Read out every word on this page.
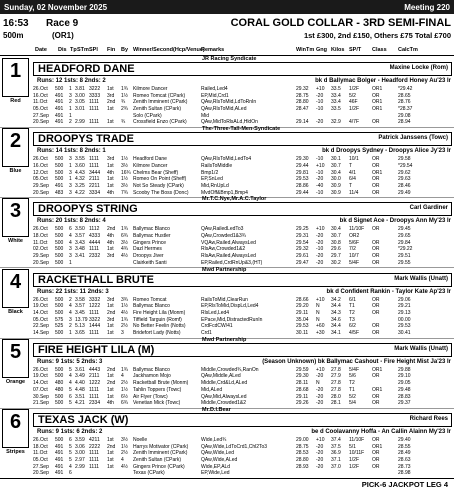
Sunday, 02 November 2025	Meeting 220
16:53 Race 9
500m	(OR1)
CORAL GOLD COLLAR - 3RD SEMI-FINAL
1st £300, 2nd £150, Others £75 Total £700
Date Dis Tp STm SPl Fin By Winner/Second(Hcp/Venue)
Remarks	WinTm Gng Kilos SP/T Class CalcTm
1
Red
JR Racing Syndicate
HEADFORD DANE	Maxine Locke (Rom)
Runs: 12 1sts: 8 2nds: 2	bk d Ballymac Bolger - Headford Honey Au'23 Ir
26.Oct 500 1 3.81 3222 1st 1¾ Kilmore Dancer	Railed,Led4	29.32 +10 33.5 1/2F	OR1	*29.42
16.Oct 491 3 3.00 3333 3rd 1½ Romeo Tomcat (CPark)	EP,Mid,Crd1	28.75 -20 33.4 5/2	OR	28.65
11.Oct 491 2 3.05 1111 2nd ¾ Zenith Imminent (CPark)	QAw,RlsToMid,LdToRnIn	28.80 -10 33.4 46F	OR1	28.76
05.Oct 491 1 3.01 1111 1st 2¾ Zenith Sultan (CPark)	QAw,RlsToMid,ALed	28.47 -10 33.5 1/2F	OR1	*28.37
27.Sep 491 1	Solo (CPark)	Mid	29.08
20.Sep 491 2 2.99 1111 1st ¾ Crossfield Enzo (CPark)	QAw,MidToRlsALd,HldOn	29.14 -20 32.9 4/7F	OR	28.94
2
Blue
The-Three-Tall-Men-Syndicate
DROOPYS TRADE	Patrick Janssens (Towc)
Runs: 14 1sts: 8 2nds: 1	bk d Droopys Sydney - Droopys Alice Jy'23 Ir
26.Oct 500 3 3.55 1111 3rd 1½ Headford Dane	QAw,RlsToMid,LedTo4	29.30 -10 30.1 10/1	OR	29.58
16.Oct 500 1 3.60 1111 1st 3½ Kilmore Dancer	RailsToMiddle	29.44 +10 30.7 T	OR	*29.54
12.Oct 500 3 4.43 3444 4th 16¾ Chelms Bear (Sheff)	Bmp1/2	29.81 -10 30.4 4/1	OR1	29.62
05.Oct 500 1 4.32 2111 1st 1½ Romeo On Point (Sheff)	EP,SnLed	29.53 -20 30.0 6/4	OR	29.63
29.Sep 491 3 3.25 2211 1st 3½ Not So Steady (CPark)	Mid,RnUpLd	28.86 -40 30.9 T	OR	28.46
20.Sep 483 3 4.22 3334 4th 7¾ Scooby The Boss (Donc)	MvdOff&Bmp1,Bmp4	29.44 -10 30.9 11/4	OR	29.49
3
White
Mr.T.C.Nye,Mr.A.C.Taylor
DROOPYS STRING	Carl Gardiner
Runs: 20 1sts: 8 2nds: 4	bk d Signet Ace - Droopys Ann My'23 Ir
26.Oct 500 6 3.50 1112 2nd 1¾ Ballymac Blanco	QAw,RailedLedTo3	29.25 +10 30.4 11/10F OR	29.45
18.Oct 500 4 3.57 4333 4th 6¾ Ballymac Hustler	QAw,Crowded1&3¾	29.31 -20 30.7 OR2	29.65
11.Oct 500 4 3.43 4444 4th 3½ Gingers Prince	VQAw,Railed,AlwaysLed	29.54 -20 30.8 5/6F	OR	29.84
02.Oct 500 3 3.48 1111 1st 4¾ Dazl Hermes	RlsAw,Crowded1&2	29.32 -10 29.6 7/2	OR	*29.22
29.Sep 500 3 3.41 2332 3rd 4½ Droopys Jiver	RlsAw,Railed,AlwaysLed	29.61 -20 29.7 10/7	OR	29.51
20.Sep 500 1	Clairkeith Santi	EP,Railed,CrdRnUp&3,(HT)	29.47 -20 30.2 5/4F	OR	29.55
4
Black
Mwd Partnership
RACKETHALL BRUTE	Mark Wallis (Unatt)
Runs: 22 1sts: 11 2nds: 3	bk d Confident Rankin - Taylor Kate Ap'23 Ir
26.Oct 500 2 3.58 3332 3rd 3¾ Romeo Tomcat	RailsToMid,ClearRun	28.66 +10 34.2 6/1	OR	29.06
19.Oct 500 4 3.57 1222 1st 1½ Ballymac Blanco	EP,RlsToMid,DispLd,Led4	29.20 N 34.4 T1	OR	29.21
14.Oct 500 4 3.45 1111 2nd 4½ Fire Height Lila (Monm)	RlsLed,Led4	29.11 N 34.3 T2	OR	29.13
05.Oct 575 3 13.79 3322 3rd 1¾ Tiffield Targuin (Romf)	EPace,Mid,DistractedRunIn	35.04 N 34.6 T3	00.00
22.Sep 525 2 5.13 1444 1st 2½ No Better Feelin (Notts)	CrdFcdCW/41	29.53 +60 34.4 6/2	OR	29.53
14.Sep 500 1 3.65 1111 1st 3 Bridefort Lady (Notts)	Crd1	30.11 +30 34.1 4/5F	OR	30.41
5
Orange
Mwd Partnership
FIRE HEIGHT LILA (M)	Mark Wallis (Unatt)
Runs: 9 1sts: 5 2nds: 3	(Season Unknown) bk Ballymac Cashout - Fire Height Mist Ja'23 Ir
26.Oct 500 5 3.61 4443 2nd 1¾ Ballymac Blanco	Middle,Crowded¾,RanOn	29.59 +10 27.8 5/4F	OR1	29.88
19.Oct 500 4 3.49 2111 1st 4 Jackhamon Mojo	QAw,Middle,ALed	29.30 -20 27.9 5/6	OR	29.10
14.Oct 480 4 4.40 1222 2nd 2½ Racketball Brute (Monm)	Middle,Crd&Ld,ALed	28.11 N 27.8 T2	29.05
07.Oct 480 5 4.48 1111 1st 1½ Tahlin Toppers (Towc)	Mid,ALed	28.68 -20 27.8 T1	OR1	29.48
30.Sep 500 6 3.51 1111 1st 6½ Air Flyer (Towc)	QAw,Mid,AlwaysLed	29.11 -20 28.0 5/2	OR	28.83
21.Sep 500 5 4.21 2334 4th 6¾ Venetian Mick (Towc)	Middle,Crowded1&2	29.26 -20 28.1 5/4	OR	29.37
6
Stripes
Mr.D.I.Bear
TEXAS JACK (W)	Richard Rees
Runs: 9 1sts: 6 2nds: 2	be d Coolavanny Hoffa - An Callin Alainn My'23 Ir
26.Oct 500 6 3.59 4211 1st 3½ Noelle	Wide,Led¾	29.00 +10 37.4 11/10F OR	29.40
18.Oct 491 5 3.06 2222 2nd 1½ Harrys Motivator (CPark)	QAw,Wide,LdToCrd1,Chl2To3	28.75 -20 37.5 5/1	OR1	28.55
11.Oct 491 5 3.00 1111 1st 2½ Zenith Imminent (CPark)	QAw,Wide,Led	28.53 -20 36.9 10/11F OR	28.49
05.Oct 491 5 2.97 1111 1st 4 Zenith Sultan (CPark)	QAw,Wide,ALed	28.80 -20 37.1 1/2F	OR	28.63
27.Sep 491 4 2.99 1111 1st 4½ Gingers Prince (CPark)	Wide,EP,ALd	28.93 -20 37.0 1/2F	OR	28.73
20.Sep 491 6	Texas (CPark)	EP,Wide,Led	28.98
PICK-6 JACKPOT LEG 4
